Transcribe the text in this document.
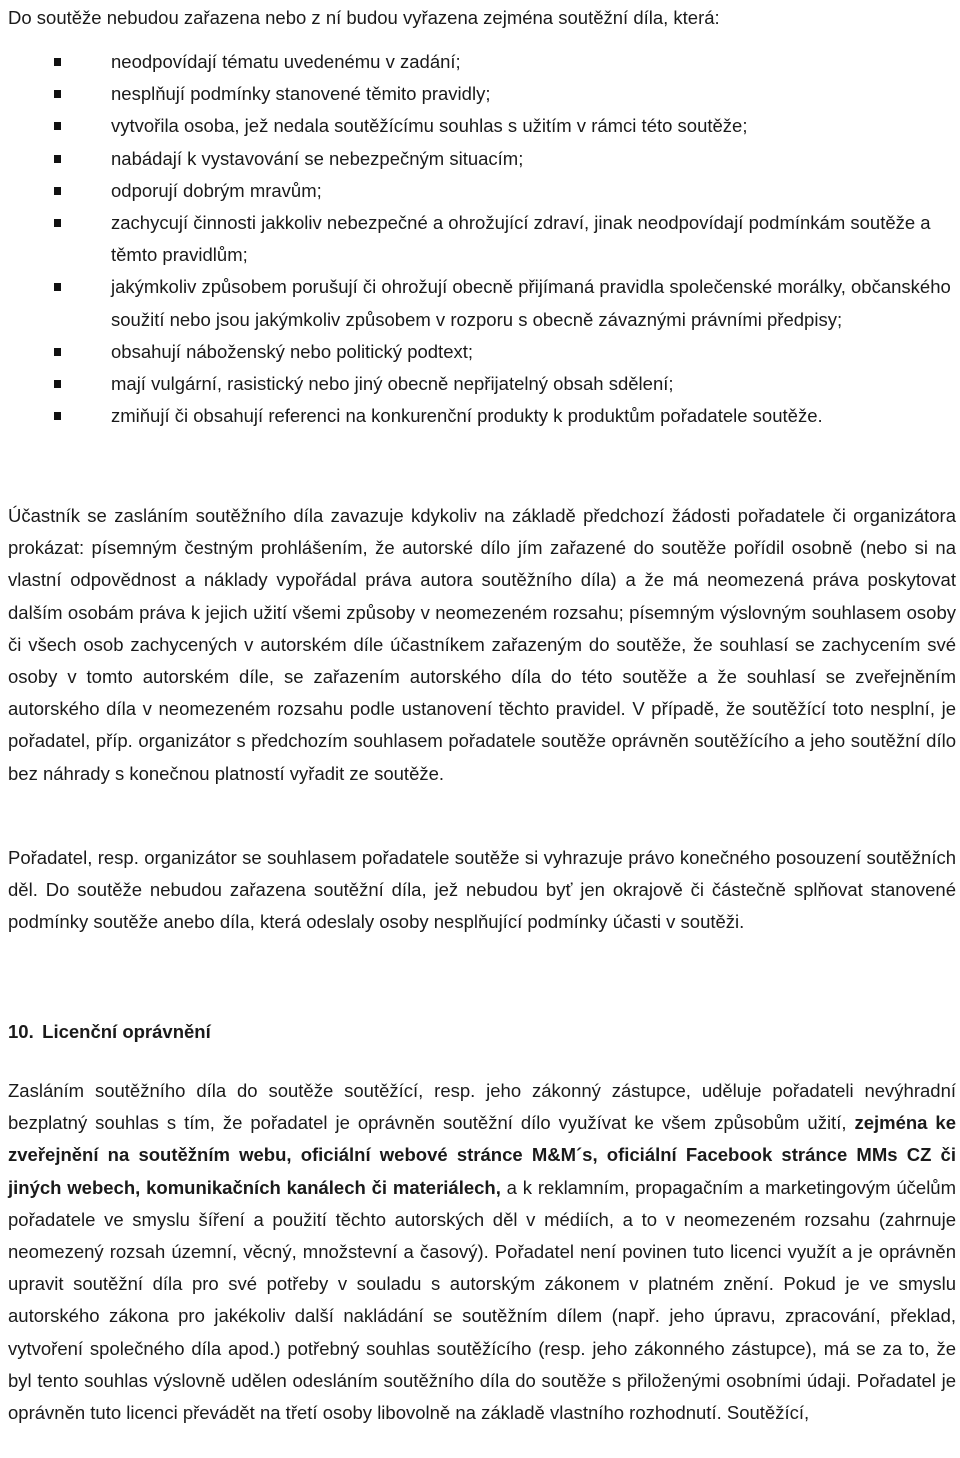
Do soutěže nebudou zařazena nebo z ní budou vyřazena zejména soutěžní díla, která:

neodpovídají tématu uvedenému v zadání;
nesplňují podmínky stanovené těmito pravidly;
vytvořila osoba, jež nedala soutěžícímu souhlas s užitím v rámci této soutěže;
nabádají k vystavování se nebezpečným situacím;
odporují dobrým mravům;
zachycují činnosti jakkoliv nebezpečné a ohrožující zdraví, jinak neodpovídají podmínkám soutěže a těmto pravidlům;
jakýmkoliv způsobem porušují či ohrožují obecně přijímaná pravidla společenské morálky, občanského soužití nebo jsou jakýmkoliv způsobem v rozporu s obecně závaznými právními předpisy;
obsahují náboženský nebo politický podtext;
mají vulgární, rasistický nebo jiný obecně nepřijatelný obsah sdělení;
zmiňují či obsahují referenci na konkurenční produkty k produktům pořadatele soutěže.

Účastník se zasláním soutěžního díla zavazuje kdykoliv na základě předchozí žádosti pořadatele či organizátora prokázat: písemným čestným prohlášením, že autorské dílo jím zařazené do soutěže pořídil osobně (nebo si na vlastní odpovědnost a náklady vypořádal práva autora soutěžního díla) a že má neomezená práva poskytovat dalším osobám práva k jejich užití všemi způsoby v neomezeném rozsahu; písemným výslovným souhlasem osoby či všech osob zachycených v autorském díle účastníkem zařazeným do soutěže, že souhlasí se zachycením své osoby v tomto autorském díle, se zařazením autorského díla do této soutěže a že souhlasí se zveřejněním autorského díla v neomezeném rozsahu podle ustanovení těchto pravidel. V případě, že soutěžící toto nesplní, je pořadatel, příp. organizátor s předchozím souhlasem pořadatele soutěže oprávněn soutěžícího a jeho soutěžní dílo bez náhrady s konečnou platností vyřadit ze soutěže.

Pořadatel, resp. organizátor se souhlasem pořadatele soutěže si vyhrazuje právo konečného posouzení soutěžních děl. Do soutěže nebudou zařazena soutěžní díla, jež nebudou byť jen okrajově či částečně splňovat stanovené podmínky soutěže anebo díla, která odeslaly osoby nesplňující podmínky účasti v soutěži.

10. Licenční oprávnění

Zasláním soutěžního díla do soutěže soutěžící, resp. jeho zákonný zástupce, uděluje pořadateli nevýhradní bezplatný souhlas s tím, že pořadatel je oprávněn soutěžní dílo využívat ke všem způsobům užití, zejména ke zveřejnění na soutěžním webu, oficiální webové stránce M&M´s, oficiální Facebook stránce MMs CZ či jiných webech, komunikačních kanálech či materiálech, a k reklamním, propagačním a marketingovým účelům pořadatele ve smyslu šíření a použití těchto autorských děl v médiích, a to v neomezeném rozsahu (zahrnuje neomezený rozsah územní, věcný, množstevní a časový). Pořadatel není povinen tuto licenci využít a je oprávněn upravit soutěžní díla pro své potřeby v souladu s autorským zákonem v platném znění. Pokud je ve smyslu autorského zákona pro jakékoliv další nakládání se soutěžním dílem (např. jeho úpravu, zpracování, překlad, vytvoření společného díla apod.) potřebný souhlas soutěžícího (resp. jeho zákonného zástupce), má se za to, že byl tento souhlas výslovně udělen odesláním soutěžního díla do soutěže s přiloženými osobními údaji. Pořadatel je oprávněn tuto licenci převádět na třetí osoby libovolně na základě vlastního rozhodnutí. Soutěžící,
